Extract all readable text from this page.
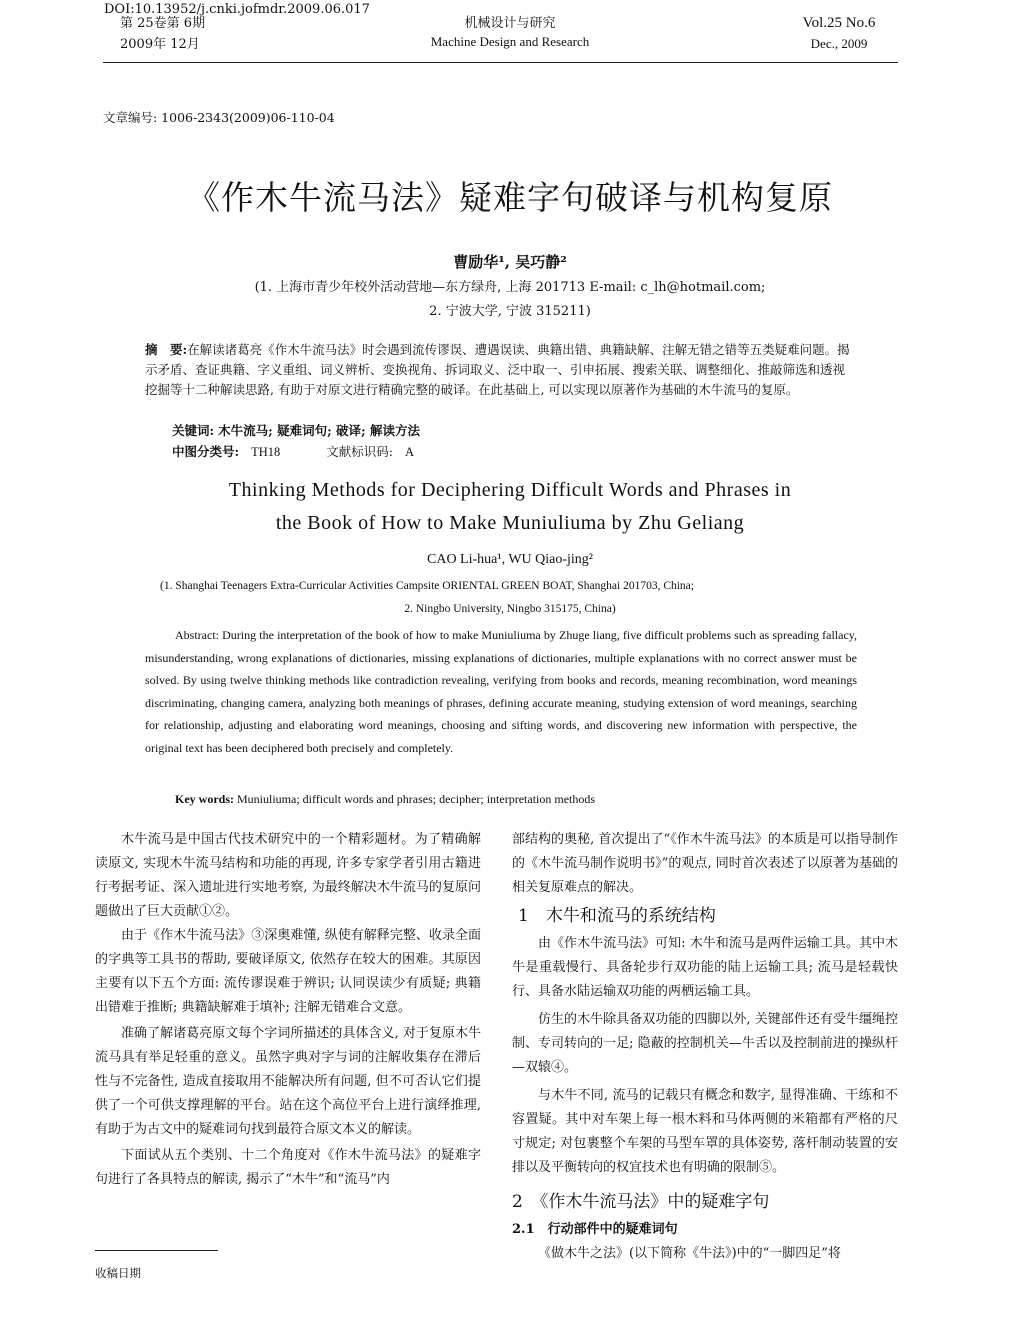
DOI:10.13952/j.cnki.jofmdr.2009.06.017
第 25卷第 6期
2009年 12月
机械设计与研究
Machine Design and Research
Vol.25 No.6
Dec., 2009
文章编号: 1006-2343(2009)06-110-04
《作木牛流马法》疑难字句破译与机构复原
曹励华¹, 吴巧静²
(1. 上海市青少年校外活动营地—东方绿舟, 上海 201713 E-mail: c_lh@hotmail.com;
2. 宁波大学, 宁波 315211)
摘　要:在解读诸葛亮《作木牛流马法》时会遇到流传谬误、遭遇误读、典籍出错、典籍缺解、注解无错之错等五类疑难问题。揭示矛盾、查证典籍、字义重组、词义辨析、变换视角、拆词取义、泛中取一、引申拓展、搜索关联、调整细化、推敲筛选和透视挖掘等十二种解读思路, 有助于对原文进行精确完整的破译。在此基础上, 可以实现以原著作为基础的木牛流马的复原。
关键词: 木牛流马; 疑难词句; 破译; 解读方法
中图分类号: TH18	文献标识码: A
Thinking Methods for Deciphering Difficult Words and Phrases in
the Book of How to Make Muniuliuma by Zhu Geliang
CAO Li-hua¹, WU Qiao-jing²
(1. Shanghai Teenagers Extra-Curricular Activities Campsite ORIENTAL GREEN BOAT, Shanghai 201703, China;
2. Ningbo University, Ningbo 315175, China)
Abstract: During the interpretation of the book of how to make Muniuliuma by Zhuge liang, five difficult problems such as spreading fallacy, misunderstanding, wrong explanations of dictionaries, missing explanations of dictionaries, multiple explanations with no correct answer must be solved. By using twelve thinking methods like contradiction revealing, verifying from books and records, meaning recombination, word meanings discriminating, changing camera, analyzing both meanings of phrases, defining accurate meaning, studying extension of word meanings, searching for relationship, adjusting and elaborating word meanings, choosing and sifting words, and discovering new information with perspective, the original text has been deciphered both precisely and completely.
Key words: Muniuliuma; difficult words and phrases; decipher; interpretation methods

木牛流马是中国古代技术研究中的一个精彩题材。为了精确解读原文, 实现木牛流马结构和功能的再现, 许多专家学者引用古籍进行考据考证、深入遗址进行实地考察, 为最终解决木牛流马的复原问题做出了巨大贡献①②。

由于《作木牛流马法》③深奥难懂, 纵使有解释完整、收录全面的字典等工具书的帮助, 要破译原文, 依然存在较大的困难。其原因主要有以下五个方面: 流传谬误难于辨识; 认同误读少有质疑; 典籍出错难于推断; 典籍缺解难于填补; 注解无错难合文意。

准确了解诸葛亮原文每个字词所描述的具体含义, 对于复原木牛流马具有举足轻重的意义。虽然字典对字与词的注解收集存在滞后性与不完备性, 造成直接取用不能解决所有问题, 但不可否认它们提供了一个可供支撑理解的平台。站在这个高位平台上进行演绎推理, 有助于为古文中的疑难词句找到最符合原文本义的解读。

下面试从五个类别、十二个角度对《作木牛流马法》的疑难字句进行了各具特点的解读, 揭示了“木牛”和“流马”内

收稿日期

部结构的奥秘, 首次提出了“《作木牛流马法》的本质是可以指导制作的《木牛流马制作说明书》”的观点, 同时首次表述了以原著为基础的相关复原难点的解决。

1　木牛和流马的系统结构

由《作木牛流马法》可知: 木牛和流马是两件运输工具。其中木牛是重载慢行、具备轮步行双功能的陆上运输工具; 流马是轻载快行、具备水陆运输双功能的两栖运输工具。

仿生的木牛除具备双功能的四脚以外, 关键部件还有受牛缰绳控制、专司转向的一足; 隐蔽的控制机关—牛舌以及控制前进的操纵杆—双辕④。

与木牛不同, 流马的记载只有概念和数字, 显得准确、干练和不容置疑。其中对车架上每一根木料和马体两侧的米箱都有严格的尺寸规定; 对包裹整个车架的马型车罩的具体姿势, 落杆制动装置的安排以及平衡转向的权宜技术也有明确的限制⑤。

2　《作木牛流马法》中的疑难字句
2.1　行动部件中的疑难词句

《做木牛之法》(以下简称《牛法》)中的“一脚四足”将
